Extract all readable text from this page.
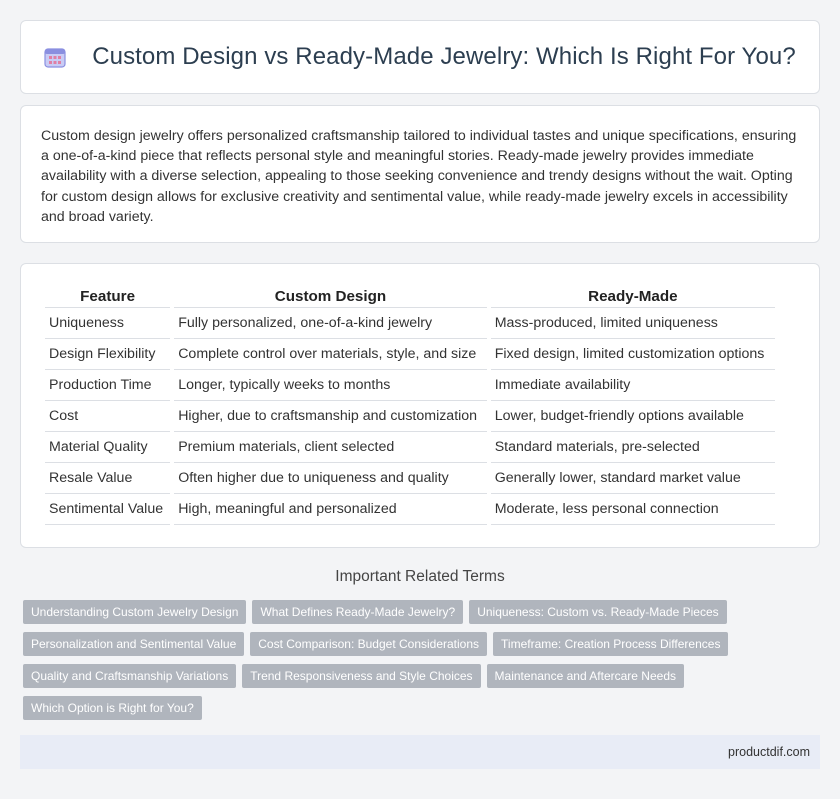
Custom Design vs Ready-Made Jewelry: Which Is Right For You?

Custom design jewelry offers personalized craftsmanship tailored to individual tastes and unique specifications, ensuring a one-of-a-kind piece that reflects personal style and meaningful stories. Ready-made jewelry provides immediate availability with a diverse selection, appealing to those seeking convenience and trendy designs without the wait. Opting for custom design allows for exclusive creativity and sentimental value, while ready-made jewelry excels in accessibility and broad variety.

Feature	Custom Design	Ready-Made
Uniqueness	Fully personalized, one-of-a-kind jewelry	Mass-produced, limited uniqueness
Design Flexibility	Complete control over materials, style, and size	Fixed design, limited customization options
Production Time	Longer, typically weeks to months	Immediate availability
Cost	Higher, due to craftsmanship and customization	Lower, budget-friendly options available
Material Quality	Premium materials, client selected	Standard materials, pre-selected
Resale Value	Often higher due to uniqueness and quality	Generally lower, standard market value
Sentimental Value	High, meaningful and personalized	Moderate, less personal connection
Important Related Terms
Understanding Custom Jewelry Design What Defines Ready-Made Jewelry? Uniqueness: Custom vs. Ready-Made Pieces
Personalization and Sentimental Value Cost Comparison: Budget Considerations Timeframe: Creation Process Differences
Quality and Craftsmanship Variations Trend Responsiveness and Style Choices Maintenance and Aftercare Needs
Which Option is Right for You?
productdif.com
